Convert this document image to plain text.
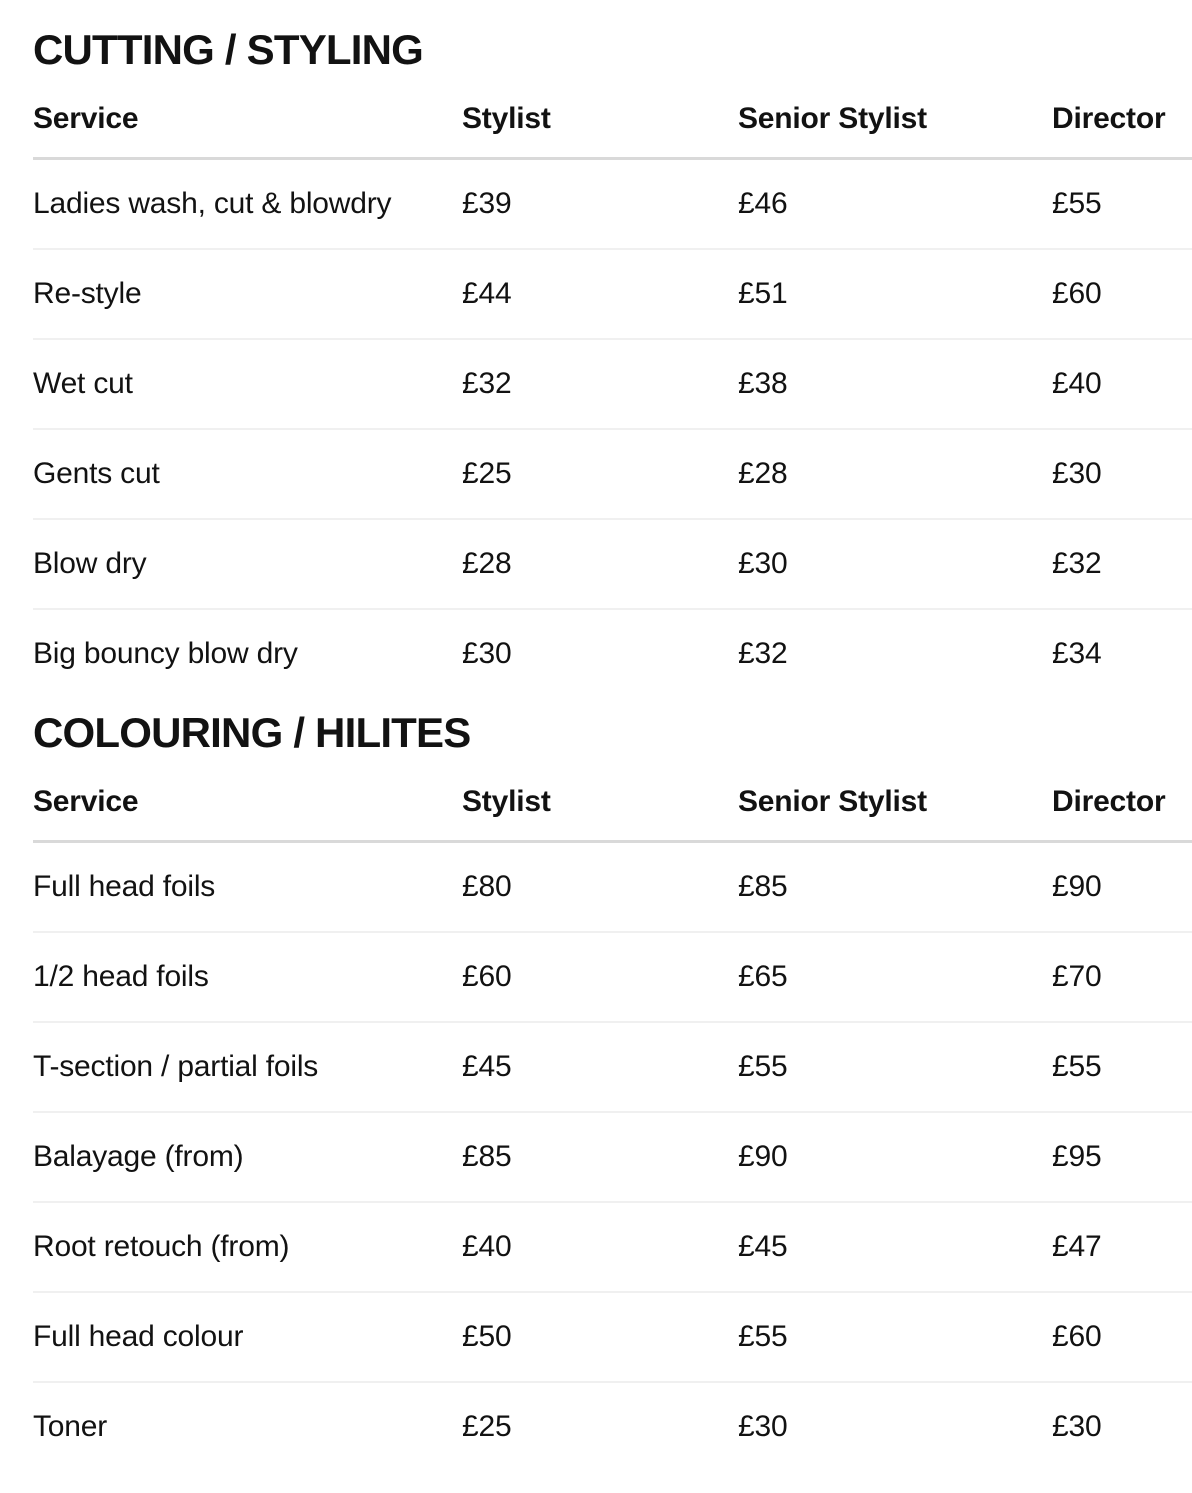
CUTTING / STYLING
Service	Stylist	Senior Stylist	Director
Ladies wash, cut & blowdry	£39	£46	£55
Re-style	£44	£51	£60
Wet cut	£32	£38	£40
Gents cut	£25	£28	£30
Blow dry	£28	£30	£32
Big bouncy blow dry	£30	£32	£34
COLOURING / HILITES
Service	Stylist	Senior Stylist	Director
Full head foils	£80	£85	£90
1/2 head foils	£60	£65	£70
T-section / partial foils	£45	£55	£55
Balayage (from)	£85	£90	£95
Root retouch (from)	£40	£45	£47
Full head colour	£50	£55	£60
Toner	£25	£30	£30
